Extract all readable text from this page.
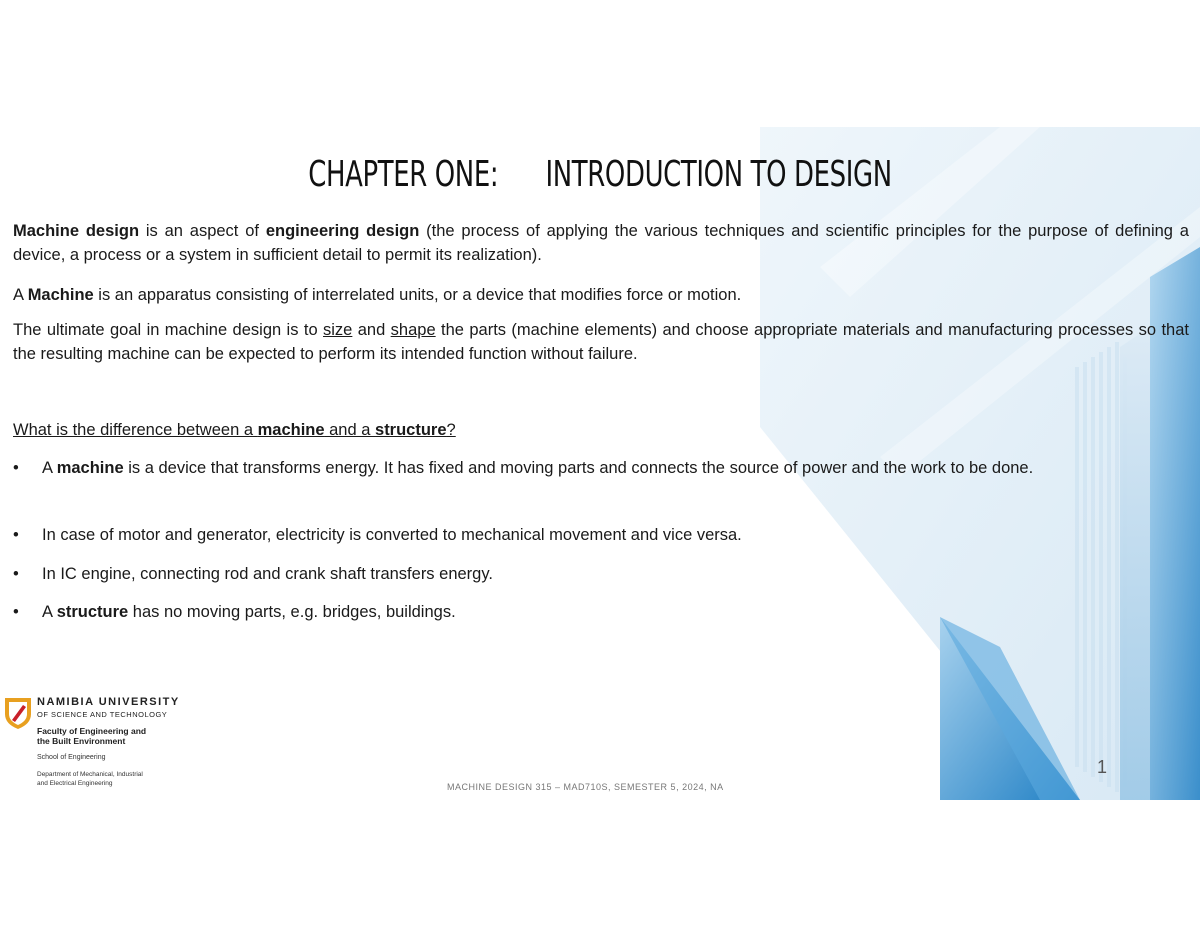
CHAPTER ONE:      INTRODUCTION TO DESIGN
Machine design is an aspect of engineering design (the process of applying the various techniques and scientific principles for the purpose of defining a device, a process or a system in sufficient detail to permit its realization).
A Machine is an apparatus consisting of interrelated units, or a device that modifies force or motion.
The ultimate goal in machine design is to size and shape the parts (machine elements) and choose appropriate materials and manufacturing processes so that the resulting machine can be expected to perform its intended function without failure.
What is the difference between a machine and a structure?
• A machine is a device that transforms energy. It has fixed and moving parts and connects the source of power and the work to be done.
• In case of motor and generator, electricity is converted to mechanical movement and vice versa.
• In IC engine, connecting rod and crank shaft transfers energy.
• A structure has no moving parts, e.g. bridges, buildings.
NAMIBIA UNIVERSITY
OF SCIENCE AND TECHNOLOGY
Faculty of Engineering and
the Built Environment
School of Engineering
Department of Mechanical, Industrial
and Electrical Engineering	MACHINE DESIGN 315 – MAD710S, SEMESTER 5, 2024, NA
1
